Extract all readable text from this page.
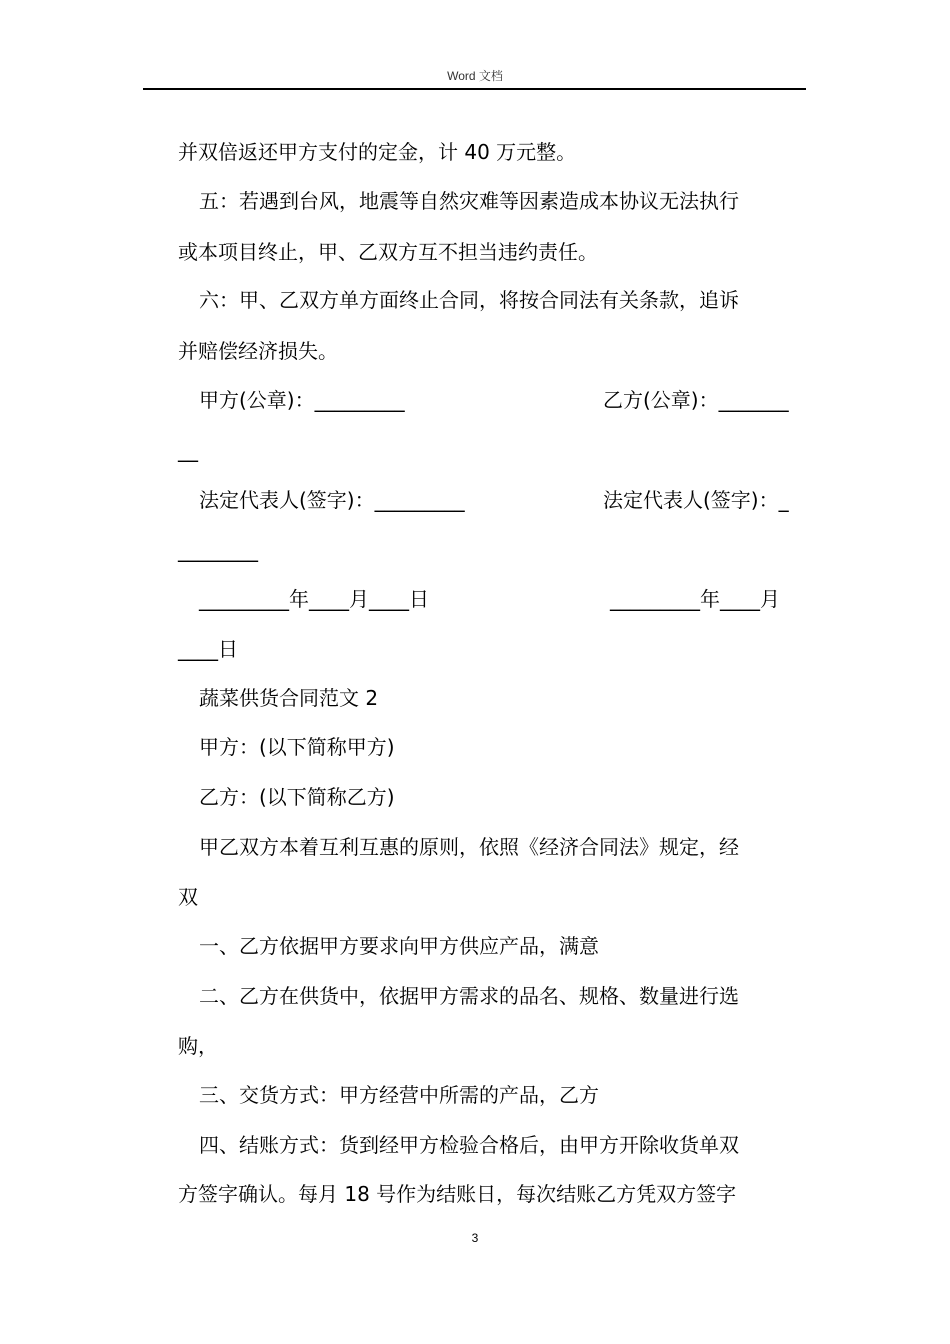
Word 文档
并双倍返还甲方支付的定金，计 40 万元整。
五：若遇到台风，地震等自然灾难等因素造成本协议无法执行
或本项目终止，甲、乙双方互不担当违约责任。
六：甲、乙双方单方面终止合同，将按合同法有关条款，追诉
并赔偿经济损失。
甲方(公章)：_________	乙方(公章)：_______
__
法定代表人(签字)：_________	法定代表人(签字)：_
________
_________年____月____日	_________年____月
____日
蔬菜供货合同范文 2
甲方：(以下简称甲方)
乙方：(以下简称乙方)
甲乙双方本着互利互惠的原则，依照《经济合同法》规定，经
双
一、乙方依据甲方要求向甲方供应产品，满意
二、乙方在供货中，依据甲方需求的品名、规格、数量进行选
购，
三、交货方式：甲方经营中所需的产品，乙方
四、结账方式：货到经甲方检验合格后，由甲方开除收货单双
方签字确认。每月 18 号作为结账日，每次结账乙方凭双方签字
3
